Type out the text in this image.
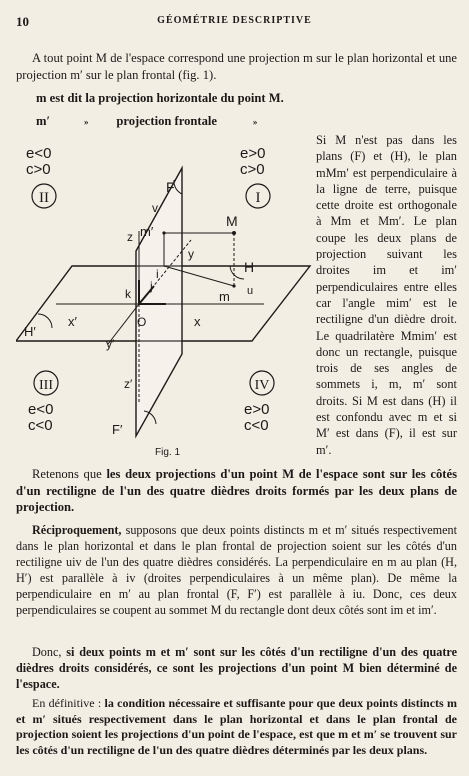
10	GÉOMÉTRIE DESCRIPTIVE
A tout point M de l'espace correspond une projection m sur le plan horizontal et une projection m′ sur le plan frontal (fig. 1).
m est dit la projection horizontale du point M.
m′	» projection frontale	»
e<0
c>0
II
e>0
c>0
I
III
e<0
c<0
IV
e>0
c<0
F
F′
H
H′
M
m′
m u
v
i
j
k
O	x
x′
y
y′
z
z′
Fig. 1
Si M n'est pas dans les plans (F) et (H), le plan mMm′ est perpendiculaire à la ligne de terre, puisque cette droite est orthogonale à Mm et Mm′. Le plan coupe les deux plans de projection suivant les droites im et im′ perpendiculaires entre elles car l'angle mim′ est le rectiligne d'un dièdre droit. Le quadrilatère Mmim′ est donc un rectangle, puisque trois de ses angles de sommets i, m, m′ sont droits. Si M est dans (H) il est confondu avec m et si M′ est dans (F), il est sur m′.
Retenons que les deux projections d'un point M de l'espace sont sur les côtés d'un rectiligne de l'un des quatre dièdres droits formés par les deux plans de projection.
Réciproquement, supposons que deux points distincts m et m′ situés respectivement dans le plan horizontal et dans le plan frontal de projection soient sur les côtés d'un rectiligne uiv de l'un des quatre dièdres considérés. La perpendiculaire en m au plan (H, H′) est parallèle à iv (droites perpendiculaires à un même plan). De même la perpendiculaire en m′ au plan frontal (F, F′) est parallèle à iu. Donc, ces deux perpendiculaires se coupent au sommet M du rectangle dont deux côtés sont im et im′.
Donc, si deux points m et m′ sont sur les côtés d'un rectiligne d'un des quatre dièdres droits considérés, ce sont les projections d'un point M bien déterminé de l'espace.
En définitive : la condition nécessaire et suffisante pour que deux points distincts m et m′ situés respectivement dans le plan horizontal et dans le plan frontal de projection soient les projections d'un point de l'espace, est que m et m′ se trouvent sur les côtés d'un rectiligne de l'un des quatre dièdres déterminés par les deux plans.
